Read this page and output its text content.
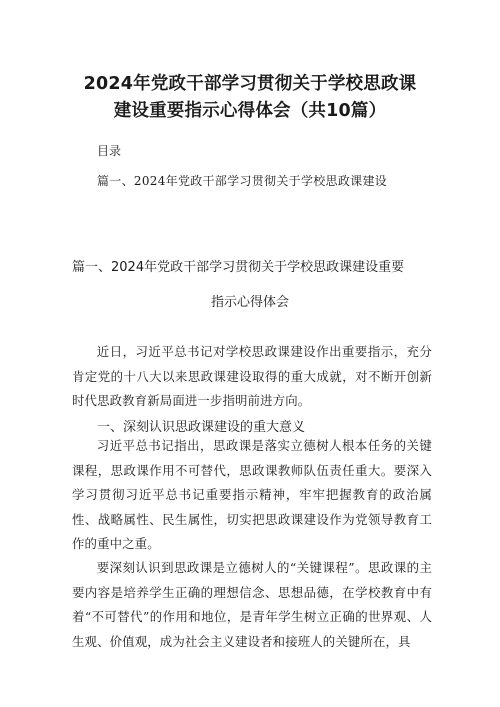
2024年党政干部学习贯彻关于学校思政课
建设重要指示心得体会（共10篇）
目录
篇一、2024年党政干部学习贯彻关于学校思政课建设
篇一、2024年党政干部学习贯彻关于学校思政课建设重要
指示心得体会
近日，习近平总书记对学校思政课建设作出重要指示，充分肯定党的十八大以来思政课建设取得的重大成就，对不断开创新时代思政教育新局面进一步指明前进方向。
一、深刻认识思政课建设的重大意义
习近平总书记指出，思政课是落实立德树人根本任务的关键课程，思政课作用不可替代，思政课教师队伍责任重大。要深入学习贯彻习近平总书记重要指示精神，牢牢把握教育的政治属性、战略属性、民生属性，切实把思政课建设作为党领导教育工作的重中之重。
要深刻认识到思政课是立德树人的“关键课程”。思政课的主要内容是培养学生正确的理想信念、思想品德，在学校教育中有着“不可替代”的作用和地位，是青年学生树立正确的世界观、人生观、价值观，成为社会主义建设者和接班人的关键所在，具
